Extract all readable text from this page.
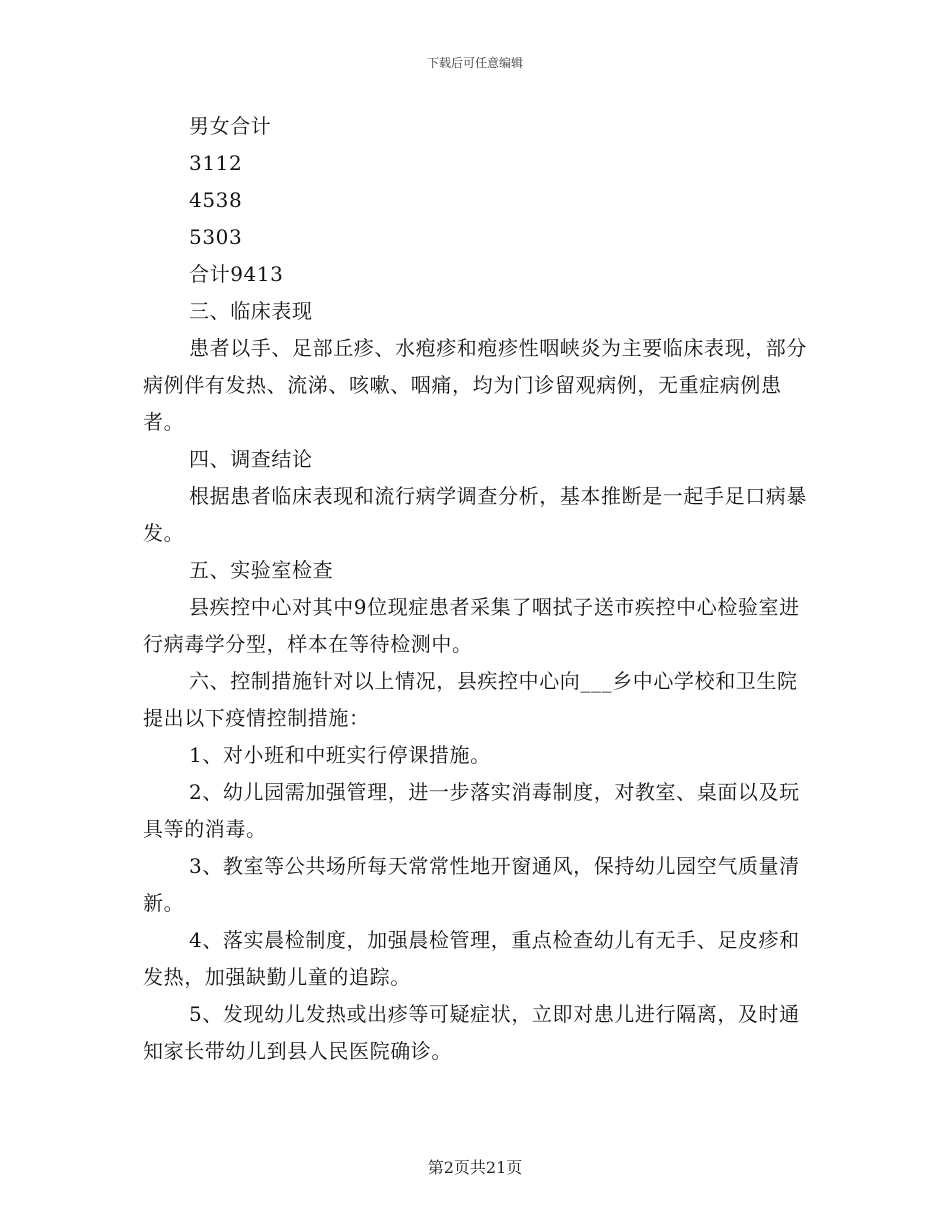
下载后可任意编辑

男女合计

3112

4538

5303

合计9413

三、临床表现

患者以手、足部丘疹、水疱疹和疱疹性咽峡炎为主要临床表现，部分病例伴有发热、流涕、咳嗽、咽痛，均为门诊留观病例，无重症病例患者。

四、调查结论

根据患者临床表现和流行病学调查分析，基本推断是一起手足口病暴发。

五、实验室检查

县疾控中心对其中9位现症患者采集了咽拭子送市疾控中心检验室进行病毒学分型，样本在等待检测中。

六、控制措施针对以上情况，县疾控中心向___乡中心学校和卫生院提出以下疫情控制措施：

1、对小班和中班实行停课措施。

2、幼儿园需加强管理，进一步落实消毒制度，对教室、桌面以及玩具等的消毒。

3、教室等公共场所每天常常性地开窗通风，保持幼儿园空气质量清新。

4、落实晨检制度，加强晨检管理，重点检查幼儿有无手、足皮疹和发热，加强缺勤儿童的追踪。

5、发现幼儿发热或出疹等可疑症状，立即对患儿进行隔离，及时通知家长带幼儿到县人民医院确诊。

第2页共21页
